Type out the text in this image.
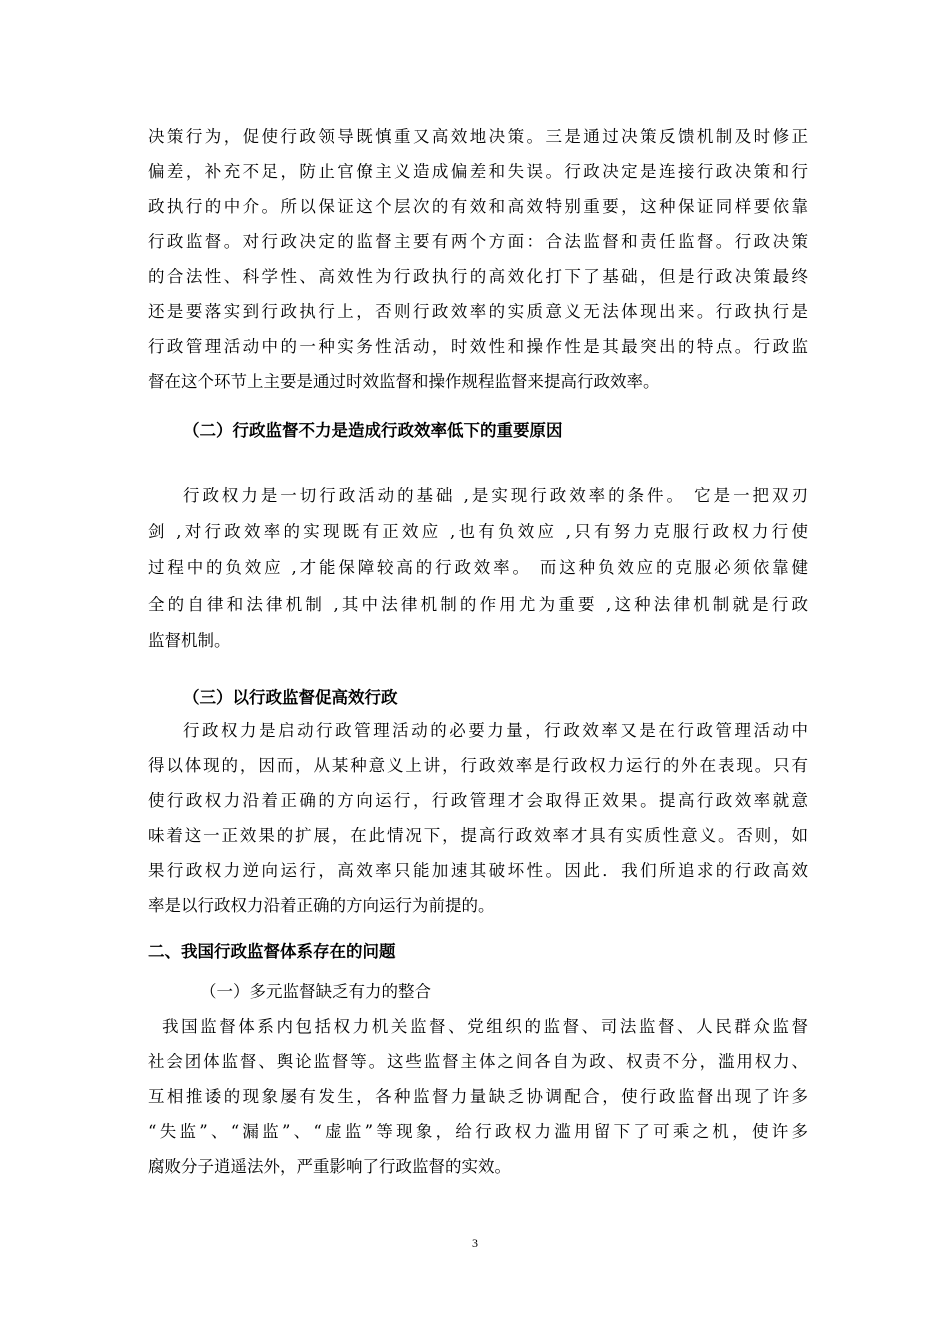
决策行为，促使行政领导既慎重又高效地决策。三是通过决策反馈机制及时修正
偏差，补充不足，防止官僚主义造成偏差和失误。行政决定是连接行政决策和行
政执行的中介。所以保证这个层次的有效和高效特别重要，这种保证同样要依靠
行政监督。对行政决定的监督主要有两个方面：合法监督和责任监督。行政决策
的合法性、科学性、高效性为行政执行的高效化打下了基础，但是行政决策最终
还是要落实到行政执行上，否则行政效率的实质意义无法体现出来。行政执行是
行政管理活动中的一种实务性活动，时效性和操作性是其最突出的特点。行政监
督在这个环节上主要是通过时效监督和操作规程监督来提高行政效率。
（二）行政监督不力是造成行政效率低下的重要原因
行政权力是一切行政活动的基础 ,是实现行政效率的条件。 它是一把双刃
剑 ,对行政效率的实现既有正效应 ,也有负效应 ,只有努力克服行政权力行使
过程中的负效应 ,才能保障较高的行政效率。 而这种负效应的克服必须依靠健
全的自律和法律机制 ,其中法律机制的作用尤为重要 ,这种法律机制就是行政
监督机制。
（三）以行政监督促高效行政
行政权力是启动行政管理活动的必要力量，行政效率又是在行政管理活动中
得以体现的，因而，从某种意义上讲，行政效率是行政权力运行的外在表现。只有
使行政权力沿着正确的方向运行，行政管理才会取得正效果。提高行政效率就意
味着这一正效果的扩展，在此情况下，提高行政效率才具有实质性意义。否则，如
果行政权力逆向运行，高效率只能加速其破坏性。因此．我们所追求的行政高效
率是以行政权力沿着正确的方向运行为前提的。
二、我国行政监督体系存在的问题
（一）多元监督缺乏有力的整合
我国监督体系内包括权力机关监督、党组织的监督、司法监督、人民群众监督
社会团体监督、舆论监督等。这些监督主体之间各自为政、权责不分，滥用权力、
互相推诿的现象屡有发生，各种监督力量缺乏协调配合，使行政监督出现了许多
“失监”、“漏监”、“虚监”等现象，给行政权力滥用留下了可乘之机，使许多
腐败分子逍遥法外，严重影响了行政监督的实效。
3
